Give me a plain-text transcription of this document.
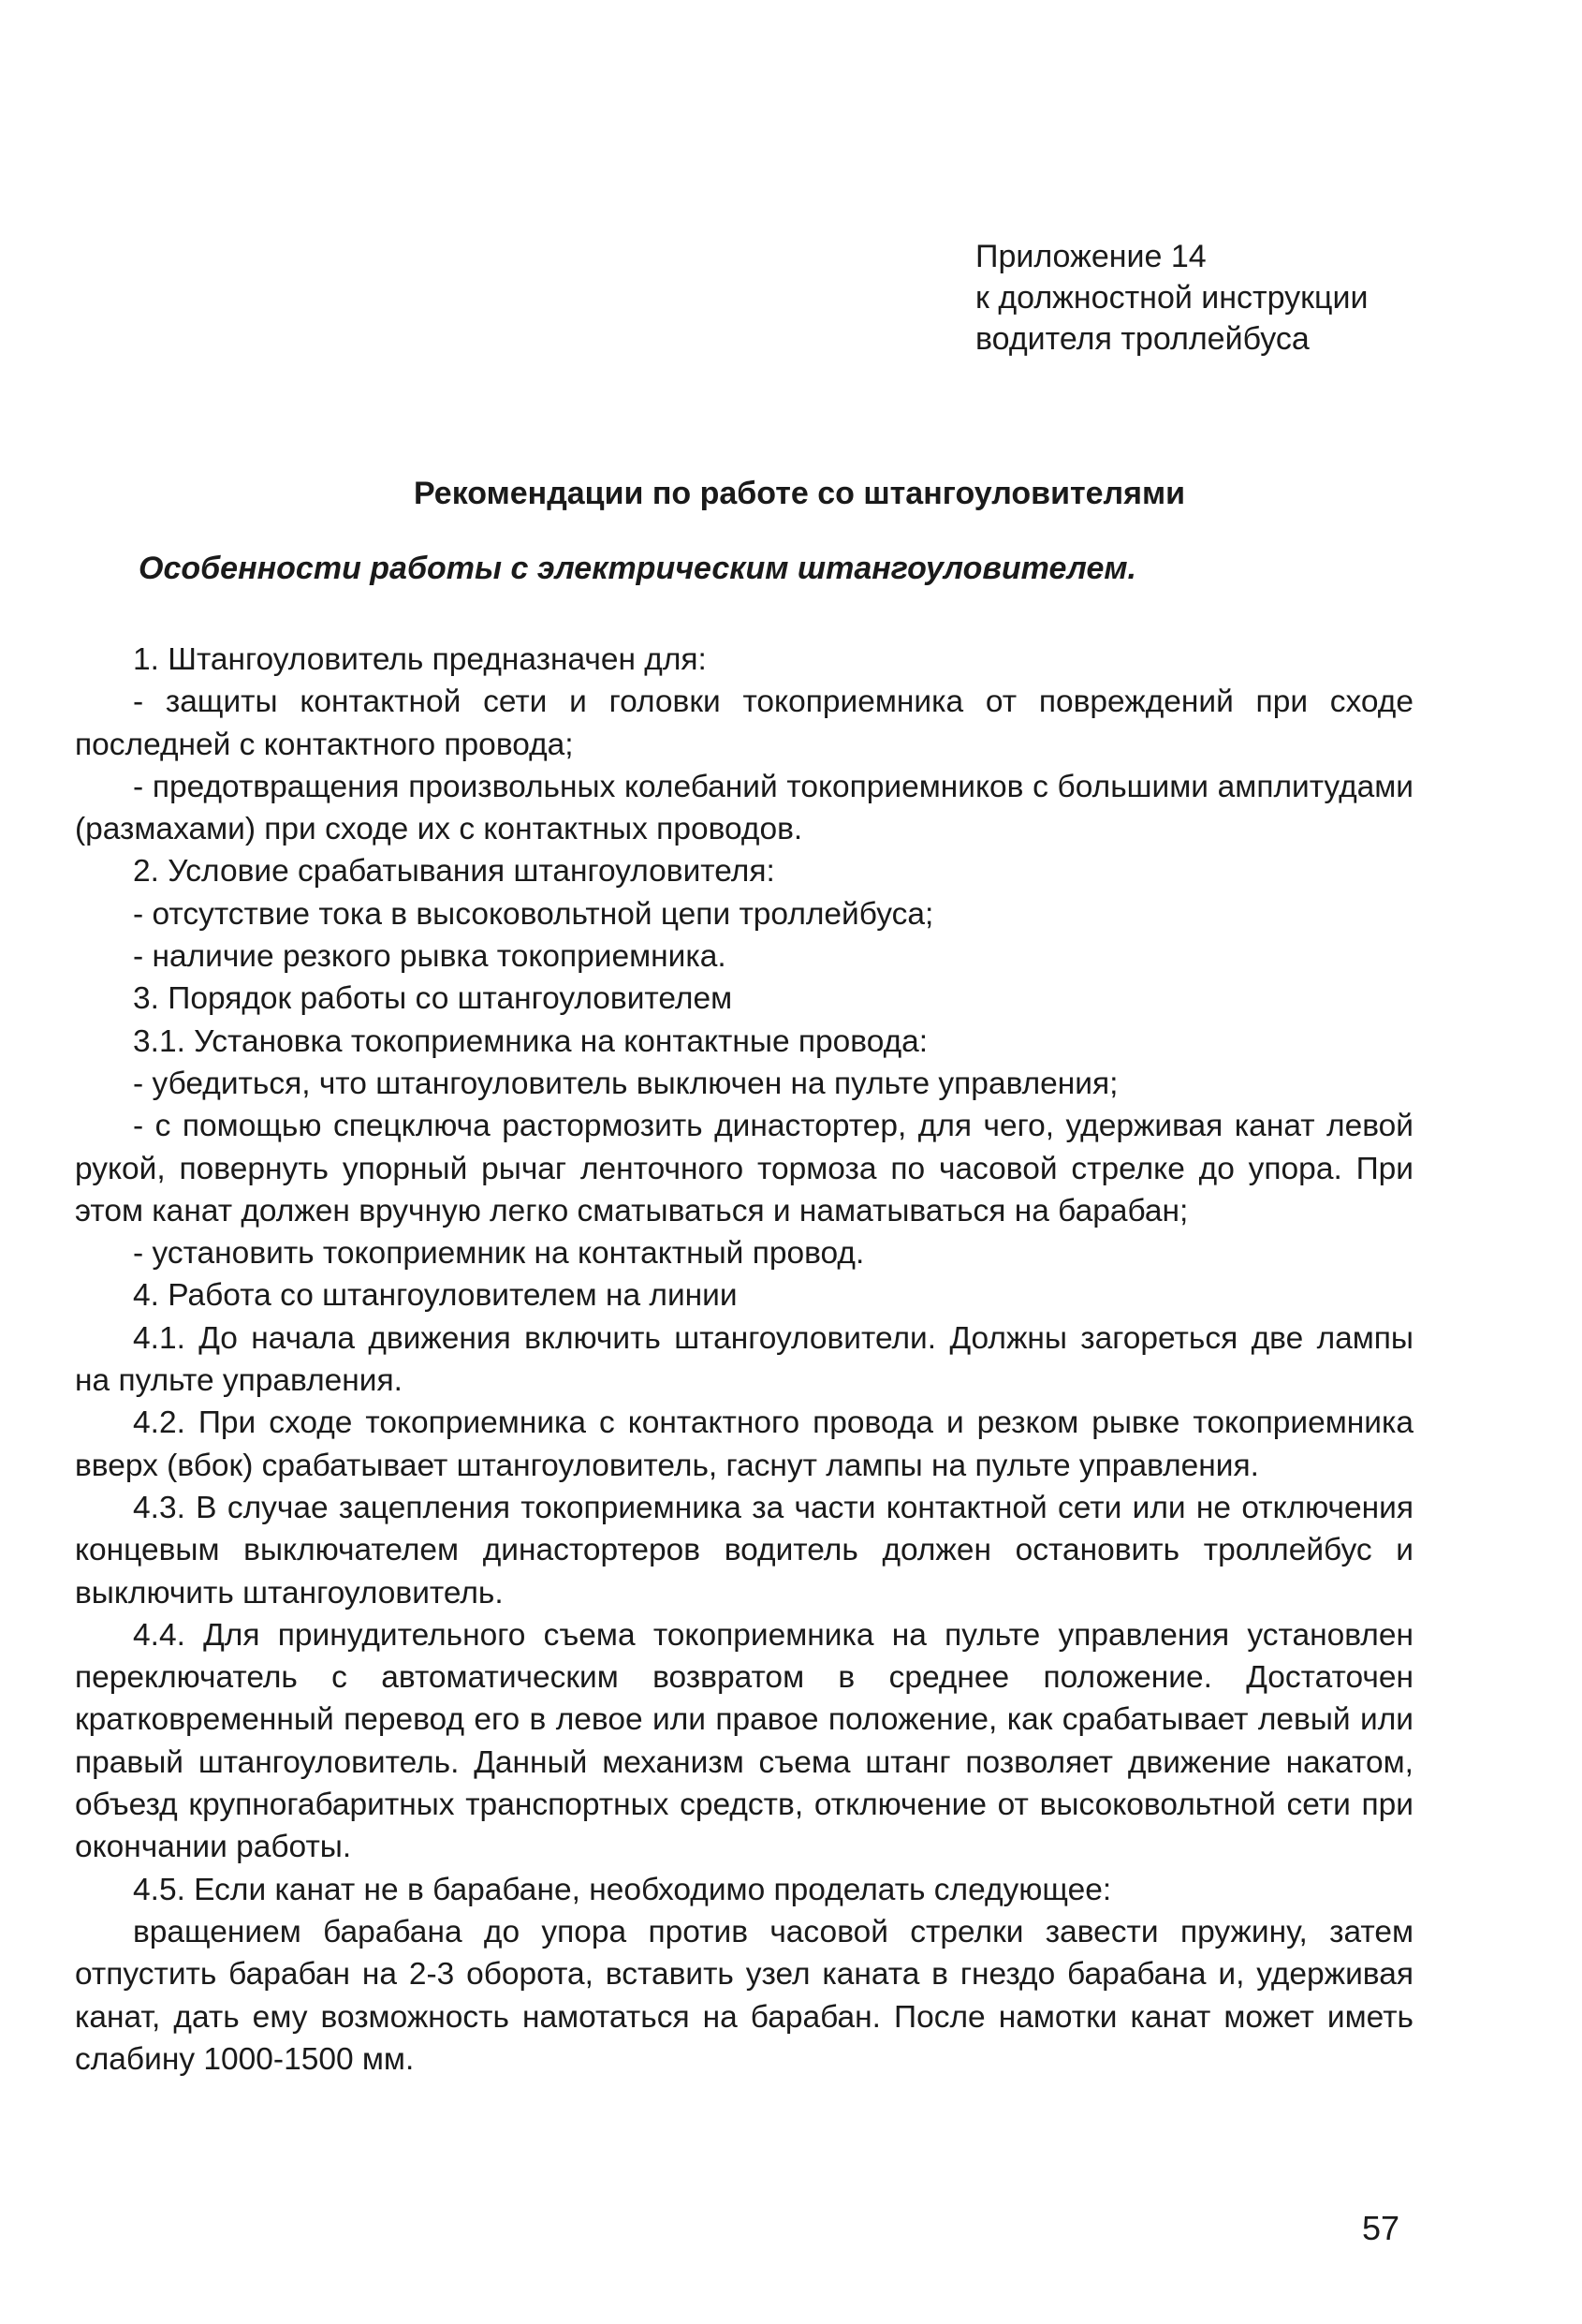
Приложение 14
к должностной инструкции
водителя троллейбуса
Рекомендации по работе со штангоуловителями
Особенности работы с электрическим штангоуловителем.

1. Штангоуловитель предназначен для:

- защиты контактной сети и головки токоприемника от повреждений при сходе последней с контактного провода;

- предотвращения произвольных колебаний токоприемников с большими амплитудами (размахами) при сходе их с контактных проводов.

2. Условие срабатывания штангоуловителя:

- отсутствие тока в высоковольтной цепи троллейбуса;

- наличие резкого рывка токоприемника.

3. Порядок работы со штангоуловителем

3.1. Установка токоприемника на контактные провода:

- убедиться, что штангоуловитель выключен на пульте управления;

- с помощью спецключа растормозить династортер, для чего, удерживая канат левой рукой, повернуть упорный рычаг ленточного тормоза по часовой стрелке до упора. При этом канат должен вручную легко сматываться и наматываться на барабан;

- установить токоприемник на контактный провод.

4. Работа со штангоуловителем на линии

4.1. До начала движения включить штангоуловители. Должны загореться две лампы на пульте управления.

4.2. При сходе токоприемника с контактного провода и резком рывке токоприемника вверх (вбок) срабатывает штангоуловитель, гаснут лампы на пульте управления.

4.3. В случае зацепления токоприемника за части контактной сети или не отключения концевым выключателем династортеров водитель должен остановить троллейбус и выключить штангоуловитель.

4.4. Для принудительного съема токоприемника на пульте управления установлен переключатель с автоматическим возвратом в среднее положение. Достаточен кратковременный перевод его в левое или правое положение, как срабатывает левый или правый штангоуловитель. Данный механизм съема штанг позволяет движение накатом, объезд крупногабаритных транспортных средств, отключение от высоковольтной сети при окончании работы.

4.5. Если канат не в барабане, необходимо проделать следующее:

вращением барабана до упора против часовой стрелки завести пружину, затем отпустить барабан на 2-3 оборота, вставить узел каната в гнездо барабана и, удерживая канат, дать ему возможность намотаться на барабан. После намотки канат может иметь слабину 1000-1500 мм.

57
